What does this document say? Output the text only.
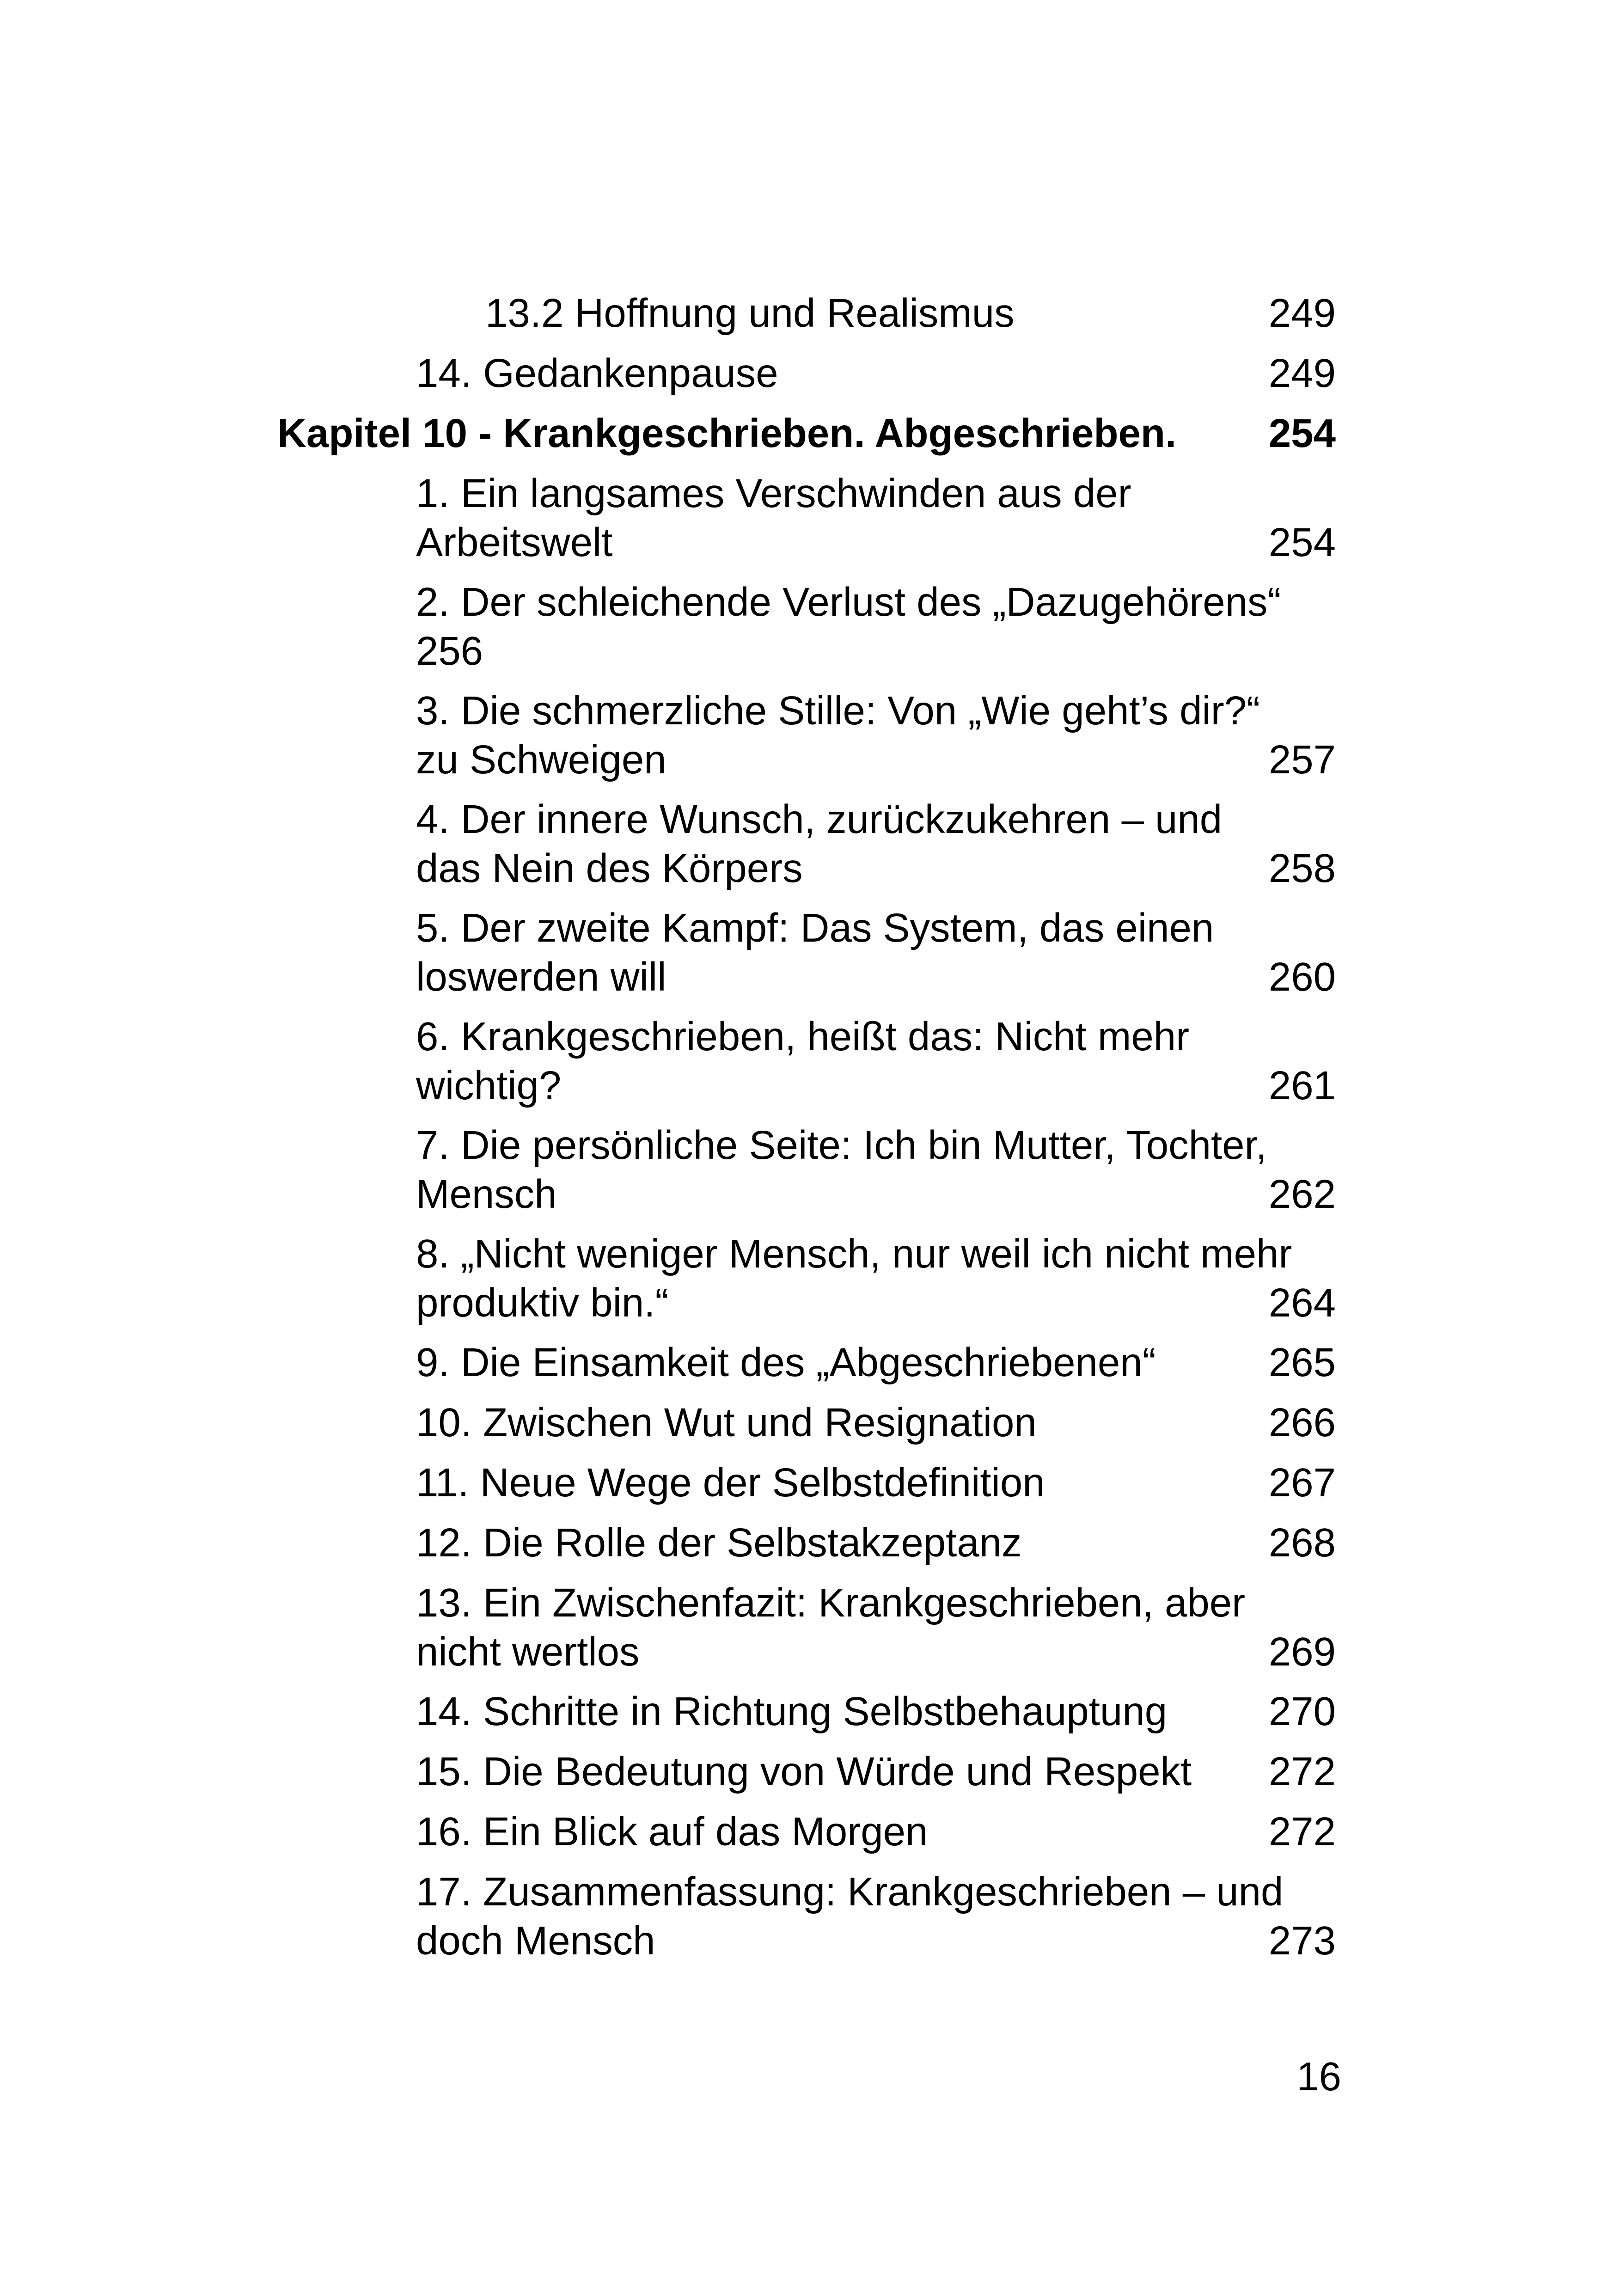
13.2 Hoffnung und Realismus	249
14. Gedankenpause	249
Kapitel 10 - Krankgeschrieben. Abgeschrieben. 254
1. Ein langsames Verschwinden aus der
Arbeitswelt	254
2. Der schleichende Verlust des „Dazugehörens“
256
3. Die schmerzliche Stille: Von „Wie geht’s dir?“
zu Schweigen	257
4. Der innere Wunsch, zurückzukehren – und
das Nein des Körpers	258
5. Der zweite Kampf: Das System, das einen
loswerden will	260
6. Krankgeschrieben, heißt das: Nicht mehr
wichtig?	261
7. Die persönliche Seite: Ich bin Mutter, Tochter,
Mensch	262
8. „Nicht weniger Mensch, nur weil ich nicht mehr
produktiv bin.“	264
9. Die Einsamkeit des „Abgeschriebenen“	265
10. Zwischen Wut und Resignation	266
11. Neue Wege der Selbstdefinition	267
12. Die Rolle der Selbstakzeptanz	268
13. Ein Zwischenfazit: Krankgeschrieben, aber
nicht wertlos	269
14. Schritte in Richtung Selbstbehauptung	270
15. Die Bedeutung von Würde und Respekt 272
16. Ein Blick auf das Morgen	272
17. Zusammenfassung: Krankgeschrieben – und
doch Mensch	273
16
